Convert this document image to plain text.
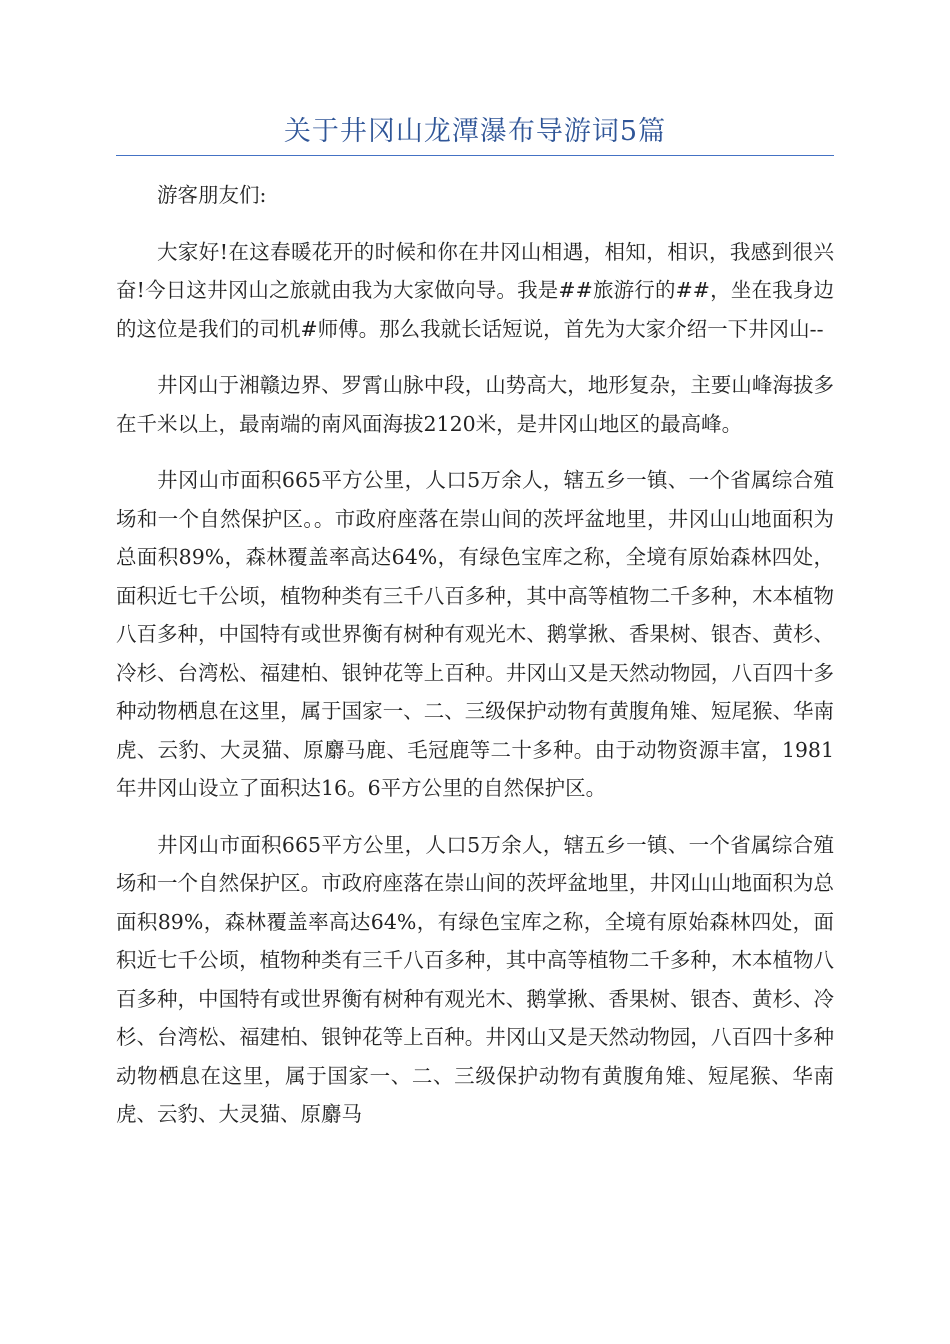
关于井冈山龙潭瀑布导游词5篇

游客朋友们:

大家好!在这春暖花开的时候和你在井冈山相遇，相知，相识，我感到很兴奋!今日这井冈山之旅就由我为大家做向导。我是##旅游行的##，坐在我身边的这位是我们的司机#师傅。那么我就长话短说，首先为大家介绍一下井冈山--

井冈山于湘赣边界、罗霄山脉中段，山势高大，地形复杂，主要山峰海拔多在千米以上，最南端的南风面海拔2120米，是井冈山地区的最高峰。

井冈山市面积665平方公里，人口5万余人，辖五乡一镇、一个省属综合殖场和一个自然保护区。。市政府座落在崇山间的茨坪盆地里，井冈山山地面积为总面积89%，森林覆盖率高达64%，有绿色宝库之称，全境有原始森林四处，面积近七千公顷，植物种类有三千八百多种，其中高等植物二千多种，木本植物八百多种，中国特有或世界衡有树种有观光木、鹅掌揪、香果树、银杏、黄杉、冷杉、台湾松、福建柏、银钟花等上百种。井冈山又是天然动物园，八百四十多种动物栖息在这里，属于国家一、二、三级保护动物有黄腹角雉、短尾猴、华南虎、云豹、大灵猫、原麝马鹿、毛冠鹿等二十多种。由于动物资源丰富，1981年井冈山设立了面积达16。6平方公里的自然保护区。

井冈山市面积665平方公里，人口5万余人，辖五乡一镇、一个省属综合殖场和一个自然保护区。市政府座落在崇山间的茨坪盆地里，井冈山山地面积为总面积89%，森林覆盖率高达64%，有绿色宝库之称，全境有原始森林四处，面积近七千公顷，植物种类有三千八百多种，其中高等植物二千多种，木本植物八百多种，中国特有或世界衡有树种有观光木、鹅掌揪、香果树、银杏、黄杉、冷杉、台湾松、福建柏、银钟花等上百种。井冈山又是天然动物园，八百四十多种动物栖息在这里，属于国家一、二、三级保护动物有黄腹角雉、短尾猴、华南虎、云豹、大灵猫、原麝马
